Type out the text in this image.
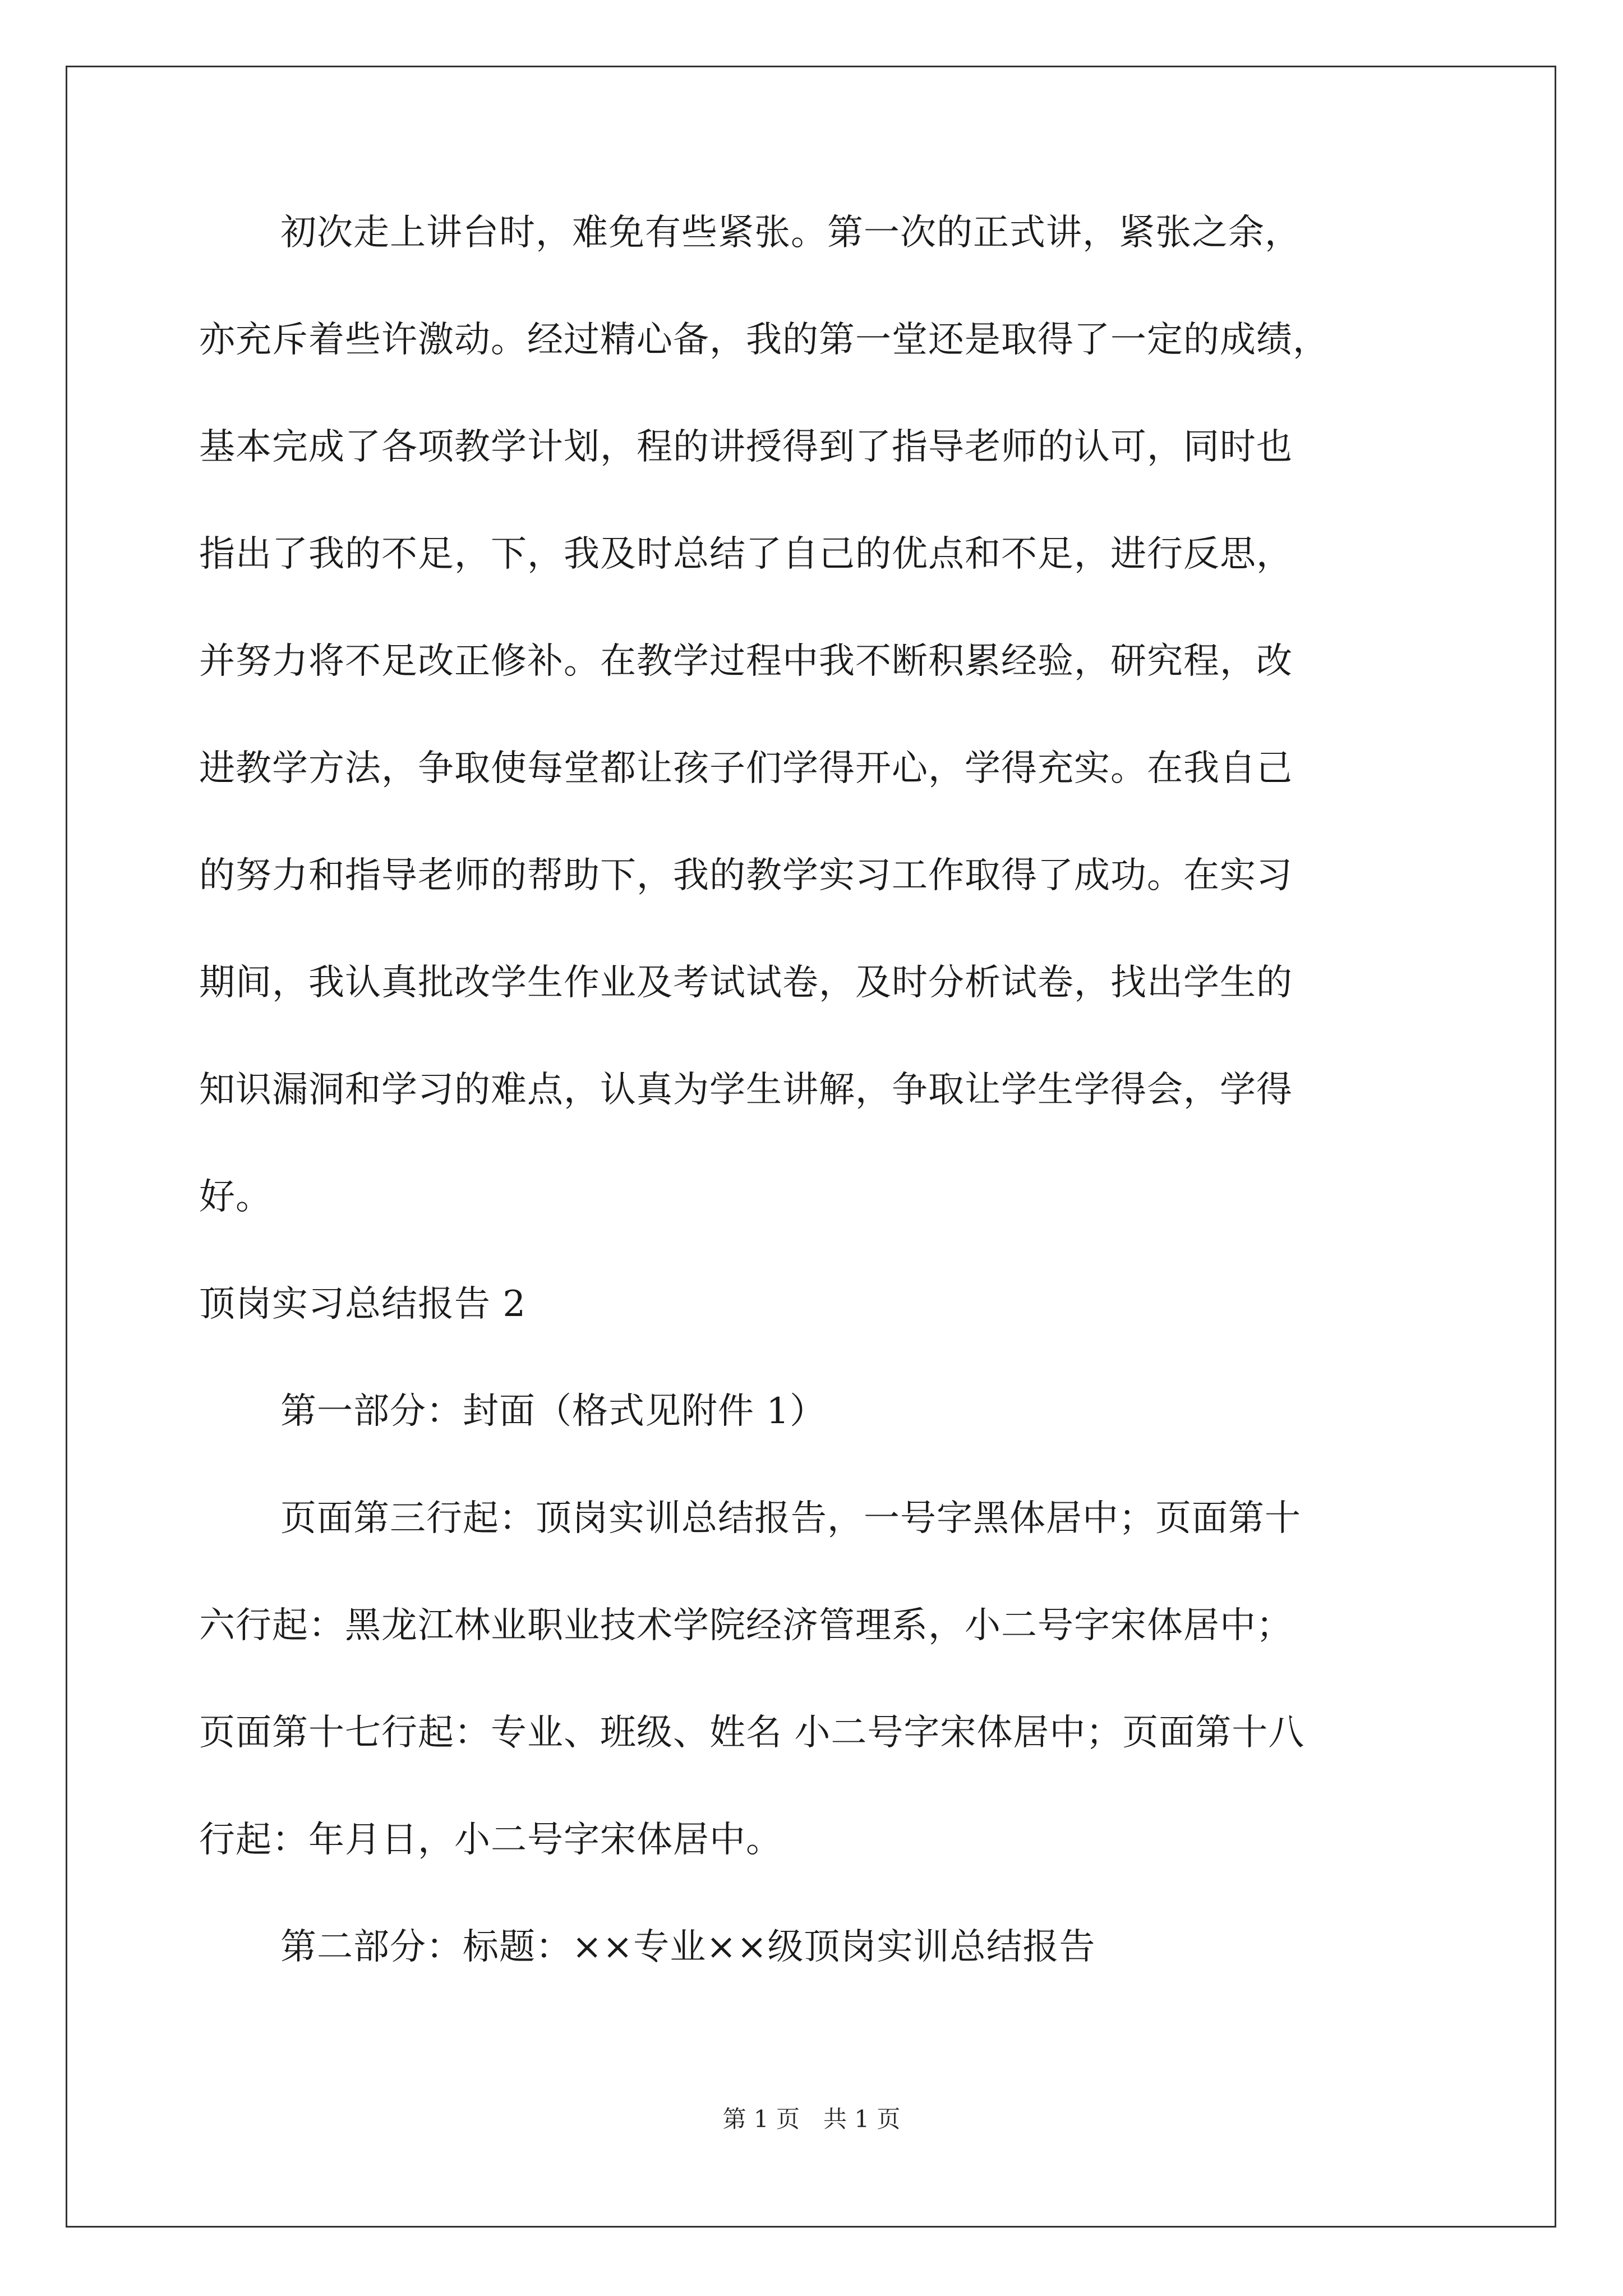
初次走上讲台时，难免有些紧张。第一次的正式讲，紧张之余，
亦充斥着些许激动。经过精心备，我的第一堂还是取得了一定的成绩，
基本完成了各项教学计划，程的讲授得到了指导老师的认可，同时也
指出了我的不足，下，我及时总结了自己的优点和不足，进行反思，
并努力将不足改正修补。在教学过程中我不断积累经验，研究程，改
进教学方法，争取使每堂都让孩子们学得开心，学得充实。在我自己
的努力和指导老师的帮助下，我的教学实习工作取得了成功。在实习
期间，我认真批改学生作业及考试试卷，及时分析试卷，找出学生的
知识漏洞和学习的难点，认真为学生讲解，争取让学生学得会，学得
好。
顶岗实习总结报告 2
第一部分：封面（格式见附件 1）
页面第三行起：顶岗实训总结报告，一号字黑体居中；页面第十
六行起：黑龙江林业职业技术学院经济管理系，小二号字宋体居中；
页面第十七行起：专业、班级、姓名 小二号字宋体居中；页面第十八
行起：年月日，小二号字宋体居中。
第二部分：标题：××专业××级顶岗实训总结报告
第 1 页　共 1 页
